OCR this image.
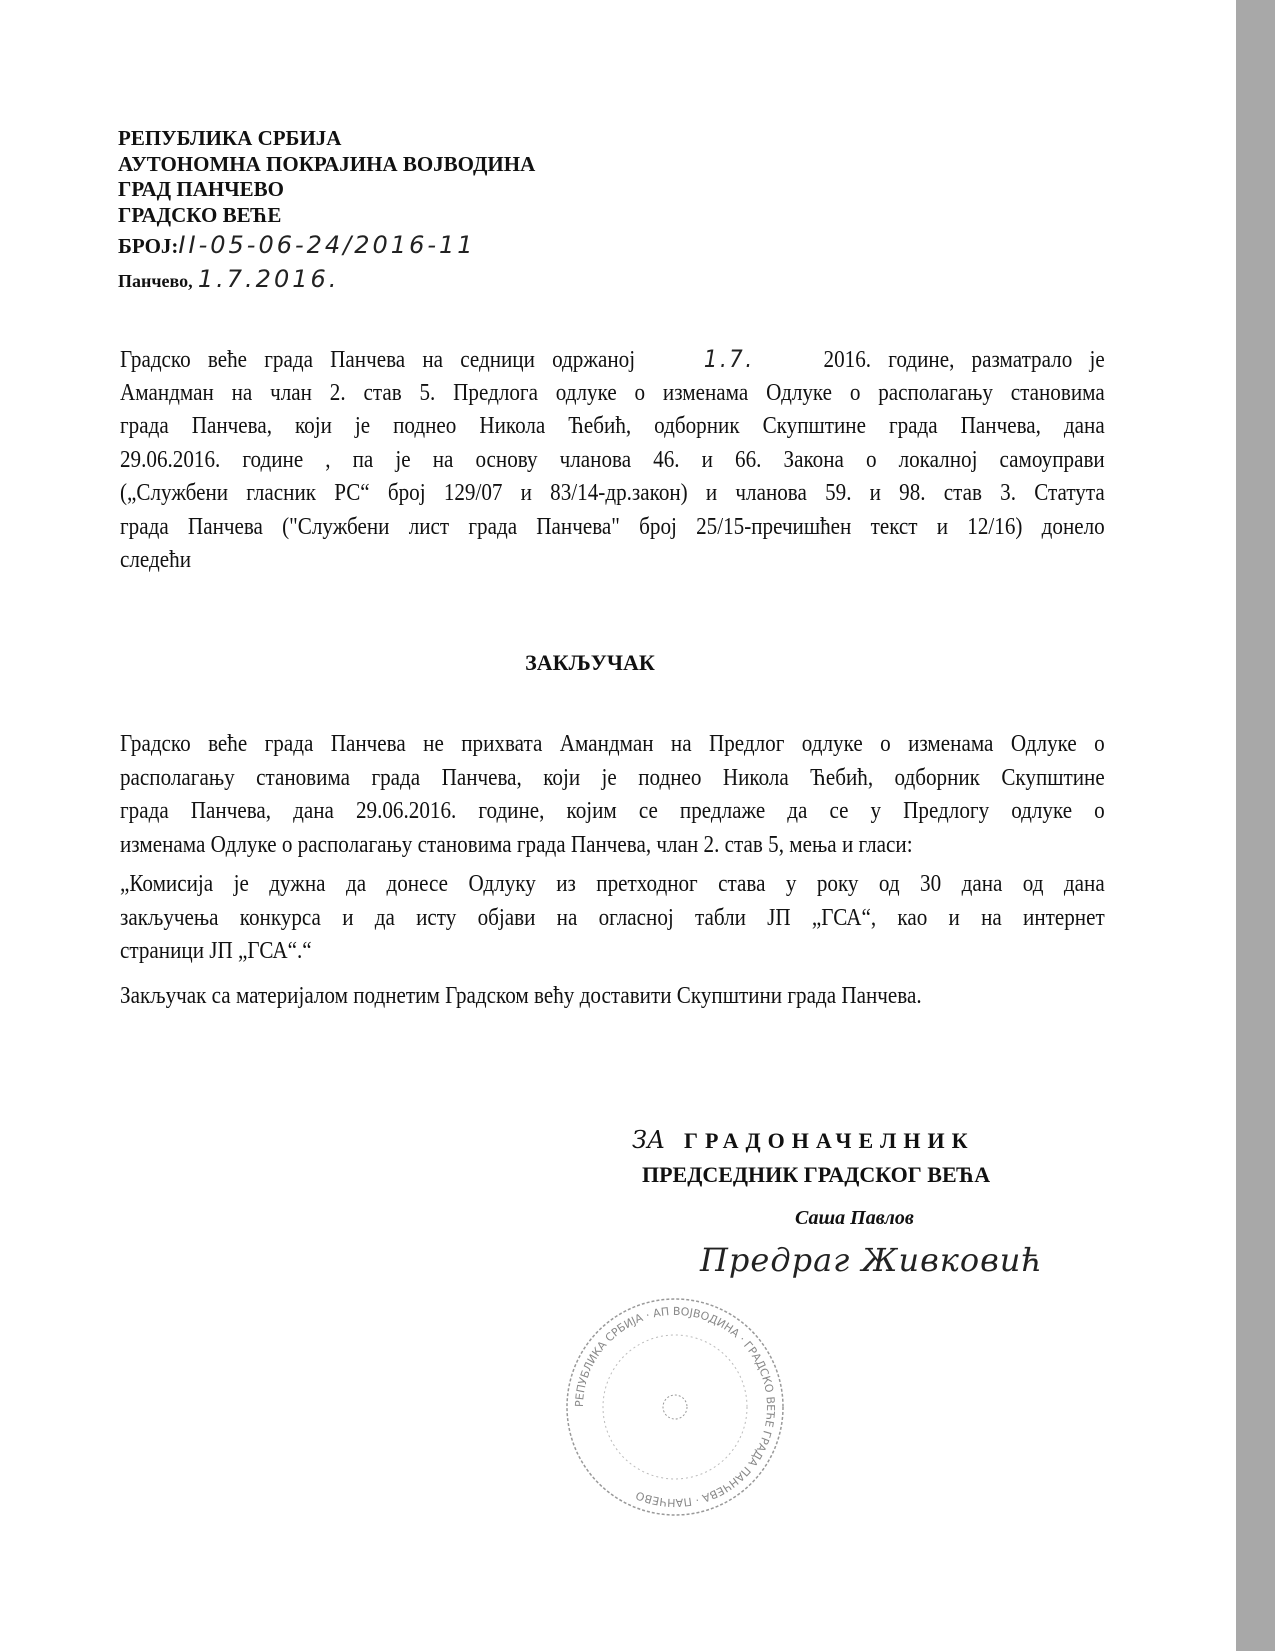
РЕПУБЛИКА СРБИЈА
АУТОНОМНА ПОКРАЈИНА ВОЈВОДИНА
ГРАД ПАНЧЕВО
ГРАДСКО ВЕЋЕ
БРОЈ:II-05-06-24/2016-11
Панчево, 1.7.2016.
Градско веће града Панчева на седници одржаној	1.7.	2016. године, разматрало је
Амандман на члан 2. став 5. Предлога одлуке о изменама Одлуке о располагању становима
града Панчева, који је поднео Никола Ћебић, одборник Скупштине града Панчева, дана
29.06.2016. године , па је на основу чланова 46. и 66. Закона о локалној самоуправи
(„Службени гласник РС“ број 129/07 и 83/14-др.закон) и чланова 59. и 98. став 3. Статута
града Панчева ("Службени лист града Панчева" број 25/15-пречишћен текст и 12/16) донело
следећи
ЗАКЉУЧАК
Градско веће града Панчева не прихвата Амандман на Предлог одлуке о изменама Одлуке о
располагању становима града Панчева, који је поднео Никола Ћебић, одборник Скупштине
града Панчева, дана 29.06.2016. године, којим се предлаже да се у Предлогу одлуке о
изменама Одлуке о располагању становима града Панчева, члан 2. став 5, мења и гласи:
„Комисија је дужна да донесе Одлуку из претходног става у року од 30 дана од дана
закључења конкурса и да исту објави на огласној табли ЈП „ГСА“, као и на интернет
страници ЈП „ГСА“.“
Закључак са материјалом поднетим Градском већу доставити Скупштини града Панчева.
РЕПУБЛИКА СРБИЈА · АП ВОЈВОДИНА · ГРАДСКО ВЕЋЕ ГРАДА ПАНЧЕВА · ПАНЧЕВО
ЗА ГРАДОНАЧЕЛНИК
ПРЕДСЕДНИК ГРАДСКОГ ВЕЋА
Саша Павлов
Предраг Живковић
